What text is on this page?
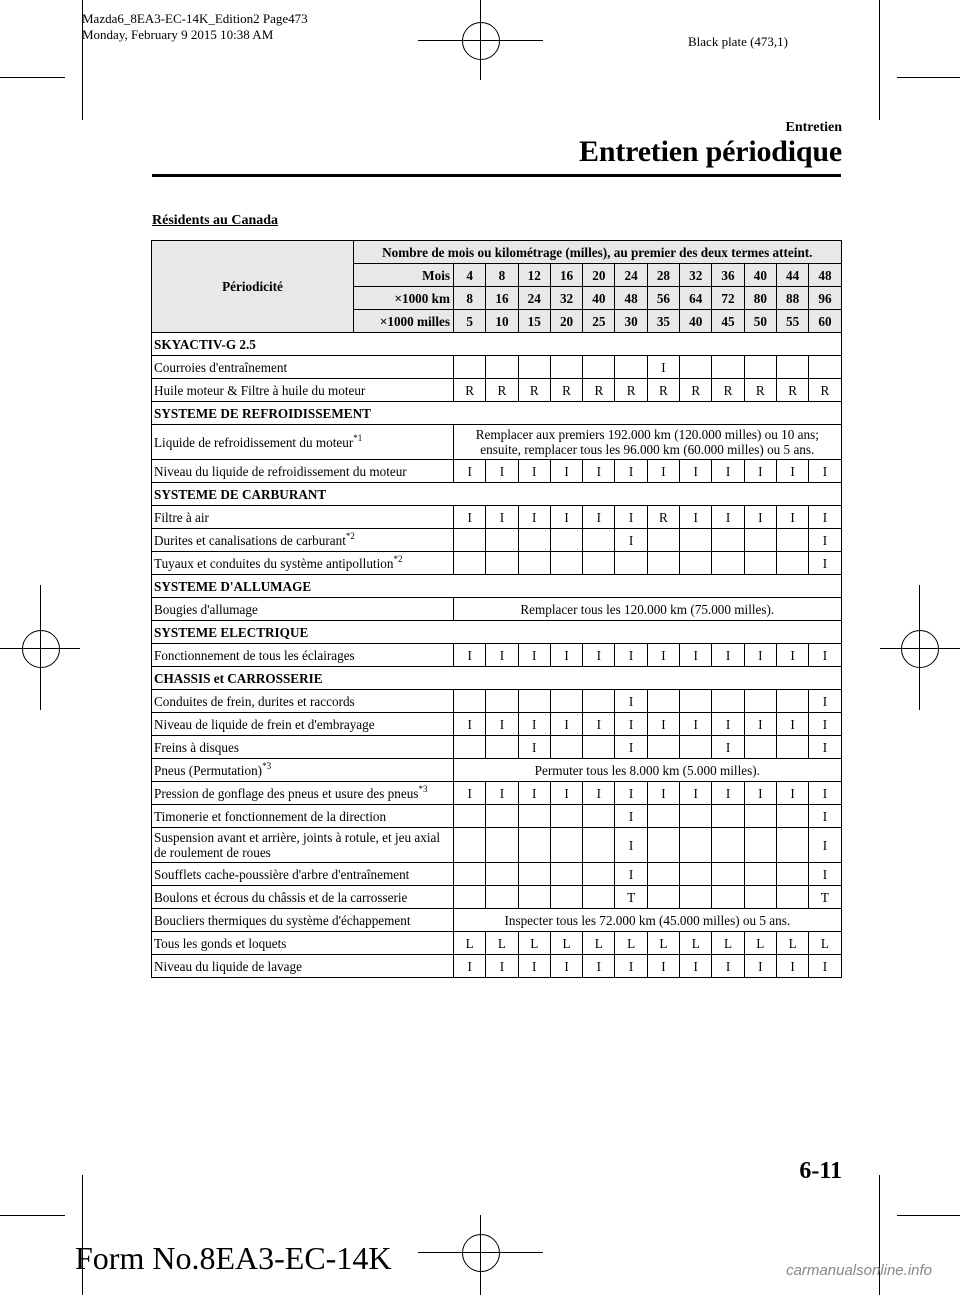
Mazda6_8EA3-EC-14K_Edition2 Page473
Monday, February 9 2015 10:38 AM	Black plate (473,1)
Entretien
Entretien périodique
Résidents au Canada
Périodicité	Nombre de mois ou kilométrage (milles), au premier des deux termes atteint.												
	Mois	4	8	12	16	20	24	28	32	36	40	44	48
	×1000 km	8	16	24	32	40	48	56	64	72	80	88	96
	×1000 milles	5	10	15	20	25	30	35	40	45	50	55	60
SKYACTIV-G 2.5													
Courroies d'entraînement								I					
Huile moteur & Filtre à huile du moteur		R	R	R	R	R	R	R	R	R	R	R	R
SYSTEME DE REFROIDISSEMENT													
Liquide de refroidissement du moteur$^{*1}$		Remplacer aux premiers 192.000 km (120.000 milles) ou 10 ans; ensuite, remplacer tous les 96.000 km (60.000 milles) ou 5 ans.											
Niveau du liquide de refroidissement du moteur		I	I	I	I	I	I	I	I	I	I	I	I
SYSTEME DE CARBURANT													
Filtre à air		I	I	I	I	I	I	R	I	I	I	I	I
Durites et canalisations de carburant$^{*2}$							I						I
Tuyaux et conduites du système antipollution$^{*2}$													I
SYSTEME D'ALLUMAGE													
Bougies d'allumage		Remplacer tous les 120.000 km (75.000 milles).											
SYSTEME ELECTRIQUE													
Fonctionnement de tous les éclairages		I	I	I	I	I	I	I	I	I	I	I	I
CHASSIS et CARROSSERIE													
Conduites de frein, durites et raccords							I						I
Niveau de liquide de frein et d'embrayage		I	I	I	I	I	I	I	I	I	I	I	I
Freins à disques				I			I			I			I
Pneus (Permutation)$^{*3}$		Permuter tous les 8.000 km (5.000 milles).											
Pression de gonflage des pneus et usure des pneus$^{*3}$		I	I	I	I	I	I	I	I	I	I	I	I
Timonerie et fonctionnement de la direction							I						I
Suspension avant et arrière, joints à rotule, et jeu axial de roulement de roues							I						I
Soufflets cache-poussière d'arbre d'entraînement							I						I
Boulons et écrous du châssis et de la carrosserie							T						T
Boucliers thermiques du système d'échappement		Inspecter tous les 72.000 km (45.000 milles) ou 5 ans.											
Tous les gonds et loquets		L	L	L	L	L	L	L	L	L	L	L	L
Niveau du liquide de lavage		I	I	I	I	I	I	I	I	I	I	I	I
6-11
Form No.8EA3-EC-14K	carmanualsonline.info
